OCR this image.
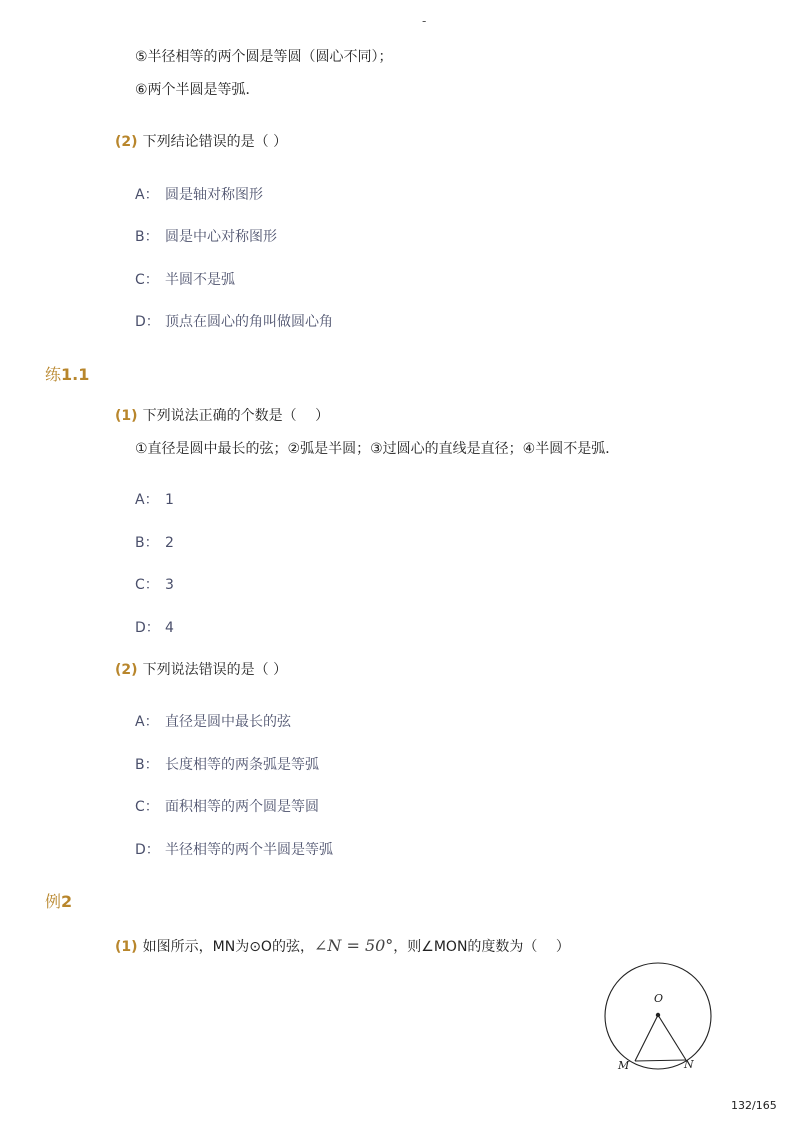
-
⑤半径相等的两个圆是等圆（圆心不同）；
⑥两个半圆是等弧．
(2) 下列结论错误的是（ ）
A： 圆是轴对称图形
B： 圆是中心对称图形
C： 半圆不是弧
D： 顶点在圆心的角叫做圆心角
练1.1
(1) 下列说法正确的个数是（　 ）
①直径是圆中最长的弦；②弧是半圆；③过圆心的直线是直径；④半圆不是弧．
A： 1
B： 2
C： 3
D： 4
(2) 下列说法错误的是（ ）
A： 直径是圆中最长的弦
B： 长度相等的两条弧是等弧
C： 面积相等的两个圆是等圆
D： 半径相等的两个半圆是等弧
例2
(1) 如图所示，MN为⊙O的弦，∠N = 50°，则∠MON的度数为（　 ）
O
M	N
132/165
